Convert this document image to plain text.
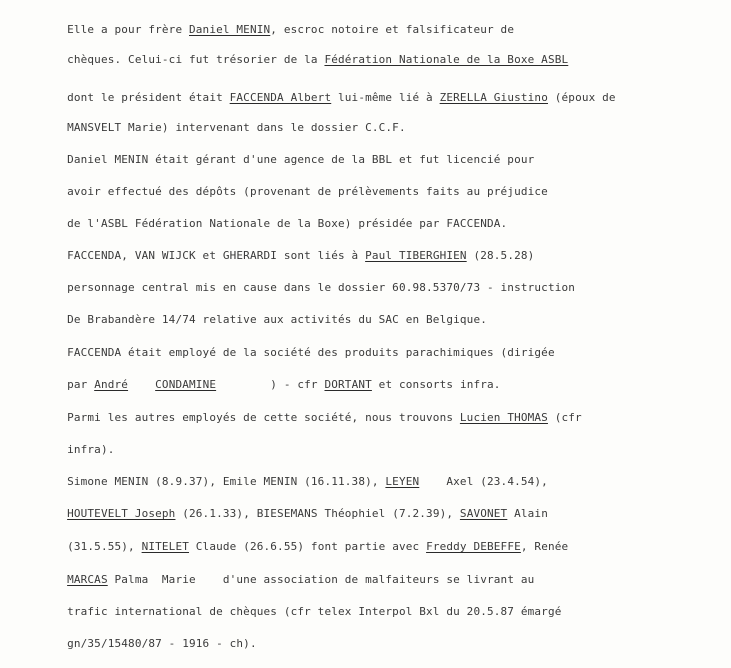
Elle a pour frère Daniel MENIN, escroc notoire et falsificateur de

chèques. Celui-ci fut trésorier de la Fédération Nationale de la Boxe ASBL

dont le président était FACCENDA Albert lui-même lié à ZERELLA Giustino (époux de

MANSVELT Marie) intervenant dans le dossier C.C.F.

Daniel MENIN était gérant d'une agence de la BBL et fut licencié pour

avoir effectué des dépôts (provenant de prélèvements faits au préjudice

de l'ASBL Fédération Nationale de la Boxe) présidée par FACCENDA.

FACCENDA, VAN WIJCK et GHERARDI sont liés à Paul TIBERGHIEN (28.5.28)

personnage central mis en cause dans le dossier 60.98.5370/73 - instruction

De Brabandère 14/74 relative aux activités du SAC en Belgique.

FACCENDA était employé de la société des produits parachimiques (dirigée

par André CONDAMINE        ) - cfr DORTANT et consorts infra.

Parmi les autres employés de cette société, nous trouvons Lucien THOMAS (cfr

infra).

Simone MENIN (8.9.37), Emile MENIN (16.11.38), LEYEN    Axel (23.4.54),

HOUTEVELT Joseph (26.1.33), BIESEMANS Théophiel (7.2.39), SAVONET Alain

(31.5.55), NITELET Claude (26.6.55) font partie avec Freddy DEBEFFE, Renée

MARCAS Palma  Marie    d'une association de malfaiteurs se livrant au

trafic international de chèques (cfr telex Interpol Bxl du 20.5.87 émargé

gn/35/15480/87 - 1916 - ch).
